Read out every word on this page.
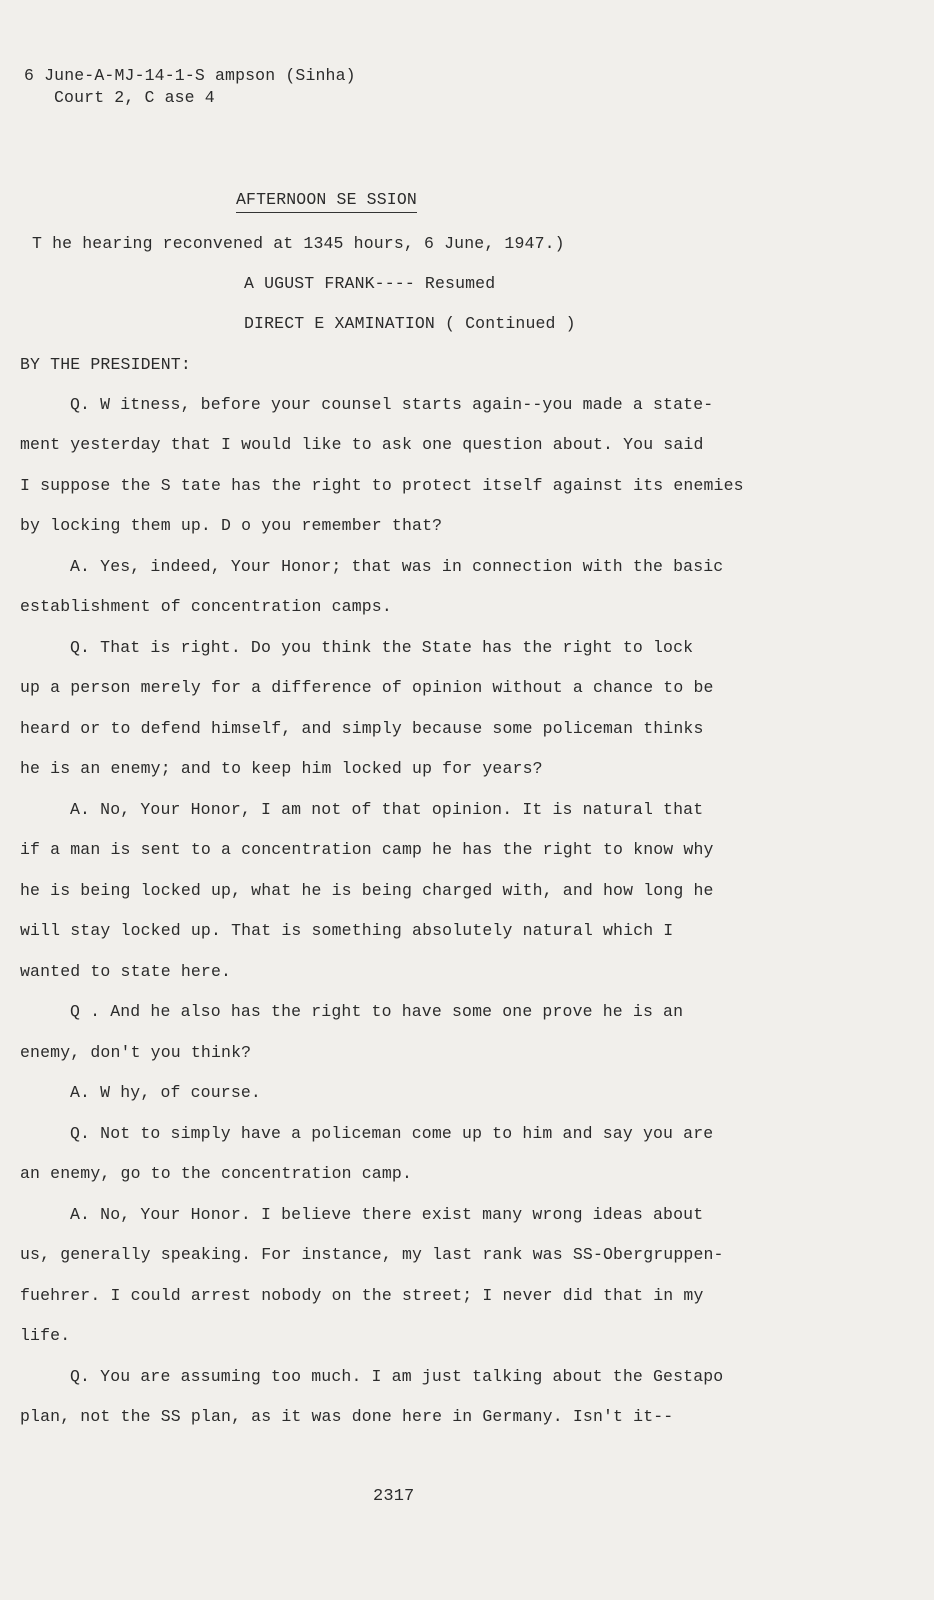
6 June-A-MJ-14-1-S ampson (Sinha)
Court 2, C ase 4
AFTERNOON SE SSION
T he hearing reconvened at 1345 hours, 6 June, 1947.)
A UGUST FRANK---- Resumed
DIRECT E XAMINATION ( Continued )
BY THE PRESIDENT:
Q. W itness, before your counsel starts again--you made a state-
ment yesterday that I would like to ask one question about. You said
I suppose the S tate has the right to protect itself against its enemies
by locking them up. D o you remember that?
A. Yes, indeed, Your Honor; that was in connection with the basic
establishment of concentration camps.
Q. That is right. Do you think the State has the right to lock
up a person merely for a difference of opinion without a chance to be
heard or to defend himself, and simply because some policeman thinks
he is an enemy; and to keep him locked up for years?
A. No, Your Honor, I am not of that opinion. It is natural that
if a man is sent to a concentration camp he has the right to know why
he is being locked up, what he is being charged with, and how long he
will stay locked up. That is something absolutely natural which I
wanted to state here.
Q . And he also has the right to have some one prove he is an
enemy, don't you think?
A. W hy, of course.
Q. Not to simply have a policeman come up to him and say you are
an enemy, go to the concentration camp.
A. No, Your Honor. I believe there exist many wrong ideas about
us, generally speaking. For instance, my last rank was SS-Obergruppen-
fuehrer. I could arrest nobody on the street; I never did that in my
life.
Q. You are assuming too much. I am just talking about the Gestapo
plan, not the SS plan, as it was done here in Germany. Isn't it--
2317
